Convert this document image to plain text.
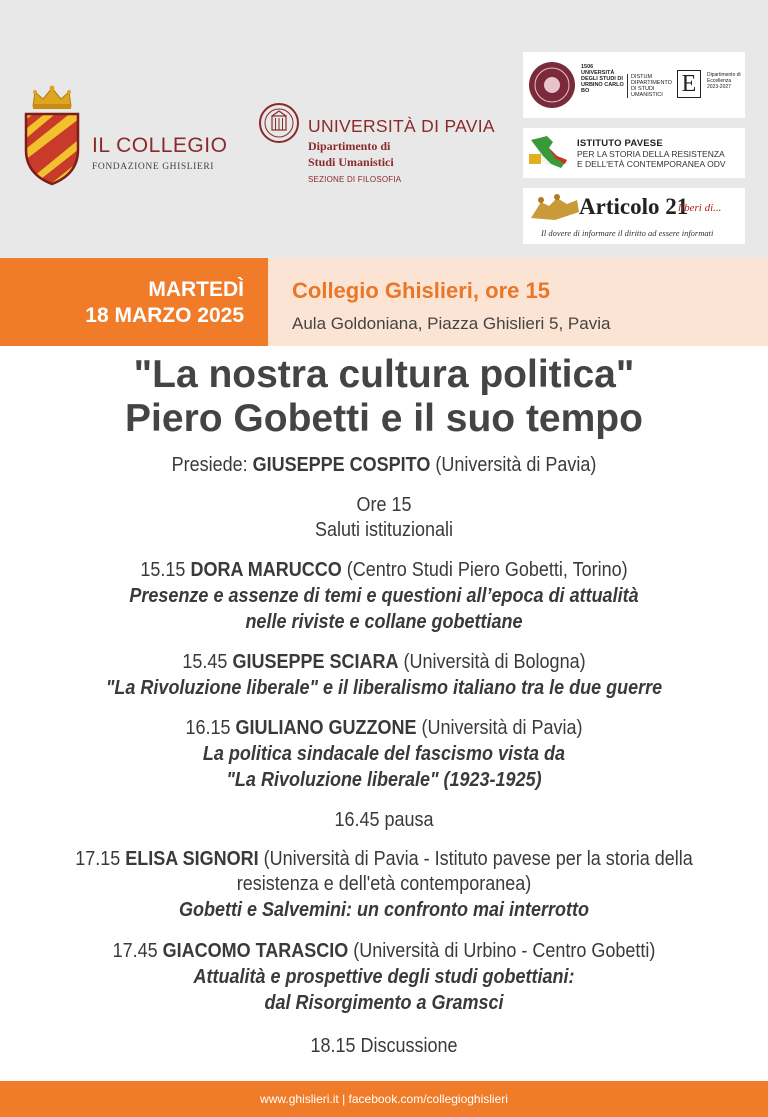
IL COLLEGIO
FONDAZIONE GHISLIERI
UNIVERSITÀ DI PAVIA
Dipartimento di
Studi Umanistici
SEZIONE DI FILOSOFIA
1506 UNIVERSITÀ DEGLI STUDI DI URBINO CARLO BO
DISTUM DIPARTIMENTO DI STUDI UMANISTICI E	Dipartimento di Eccellenza 2023-2027
ISTITUTO PAVESE
PER LA STORIA DELLA RESISTENZA
E DELL'ETÀ CONTEMPORANEA ODV
Articolo 21
liberi di...
Il dovere di informare il diritto ad essere informati
MARTEDÌ
18 MARZO 2025
Collegio Ghislieri, ore 15
Aula Goldoniana, Piazza Ghislieri 5, Pavia
"La nostra cultura politica"
Piero Gobetti e il suo tempo
Presiede: GIUSEPPE COSPITO (Università di Pavia)
Ore 15
Saluti istituzionali
15.15 DORA MARUCCO (Centro Studi Piero Gobetti, Torino)
Presenze e assenze di temi e questioni all’epoca di attualità
nelle riviste e collane gobettiane
15.45 GIUSEPPE SCIARA (Università di Bologna)
"La Rivoluzione liberale" e il liberalismo italiano tra le due guerre
16.15 GIULIANO GUZZONE (Università di Pavia)
La politica sindacale del fascismo vista da
"La Rivoluzione liberale" (1923-1925)
16.45 pausa
17.15 ELISA SIGNORI (Università di Pavia - Istituto pavese per la storia della
resistenza e dell'età contemporanea)
Gobetti e Salvemini: un confronto mai interrotto
17.45 GIACOMO TARASCIO (Università di Urbino - Centro Gobetti)
Attualità e prospettive degli studi gobettiani:
dal Risorgimento a Gramsci
18.15 Discussione
www.ghislieri.it | facebook.com/collegioghislieri
